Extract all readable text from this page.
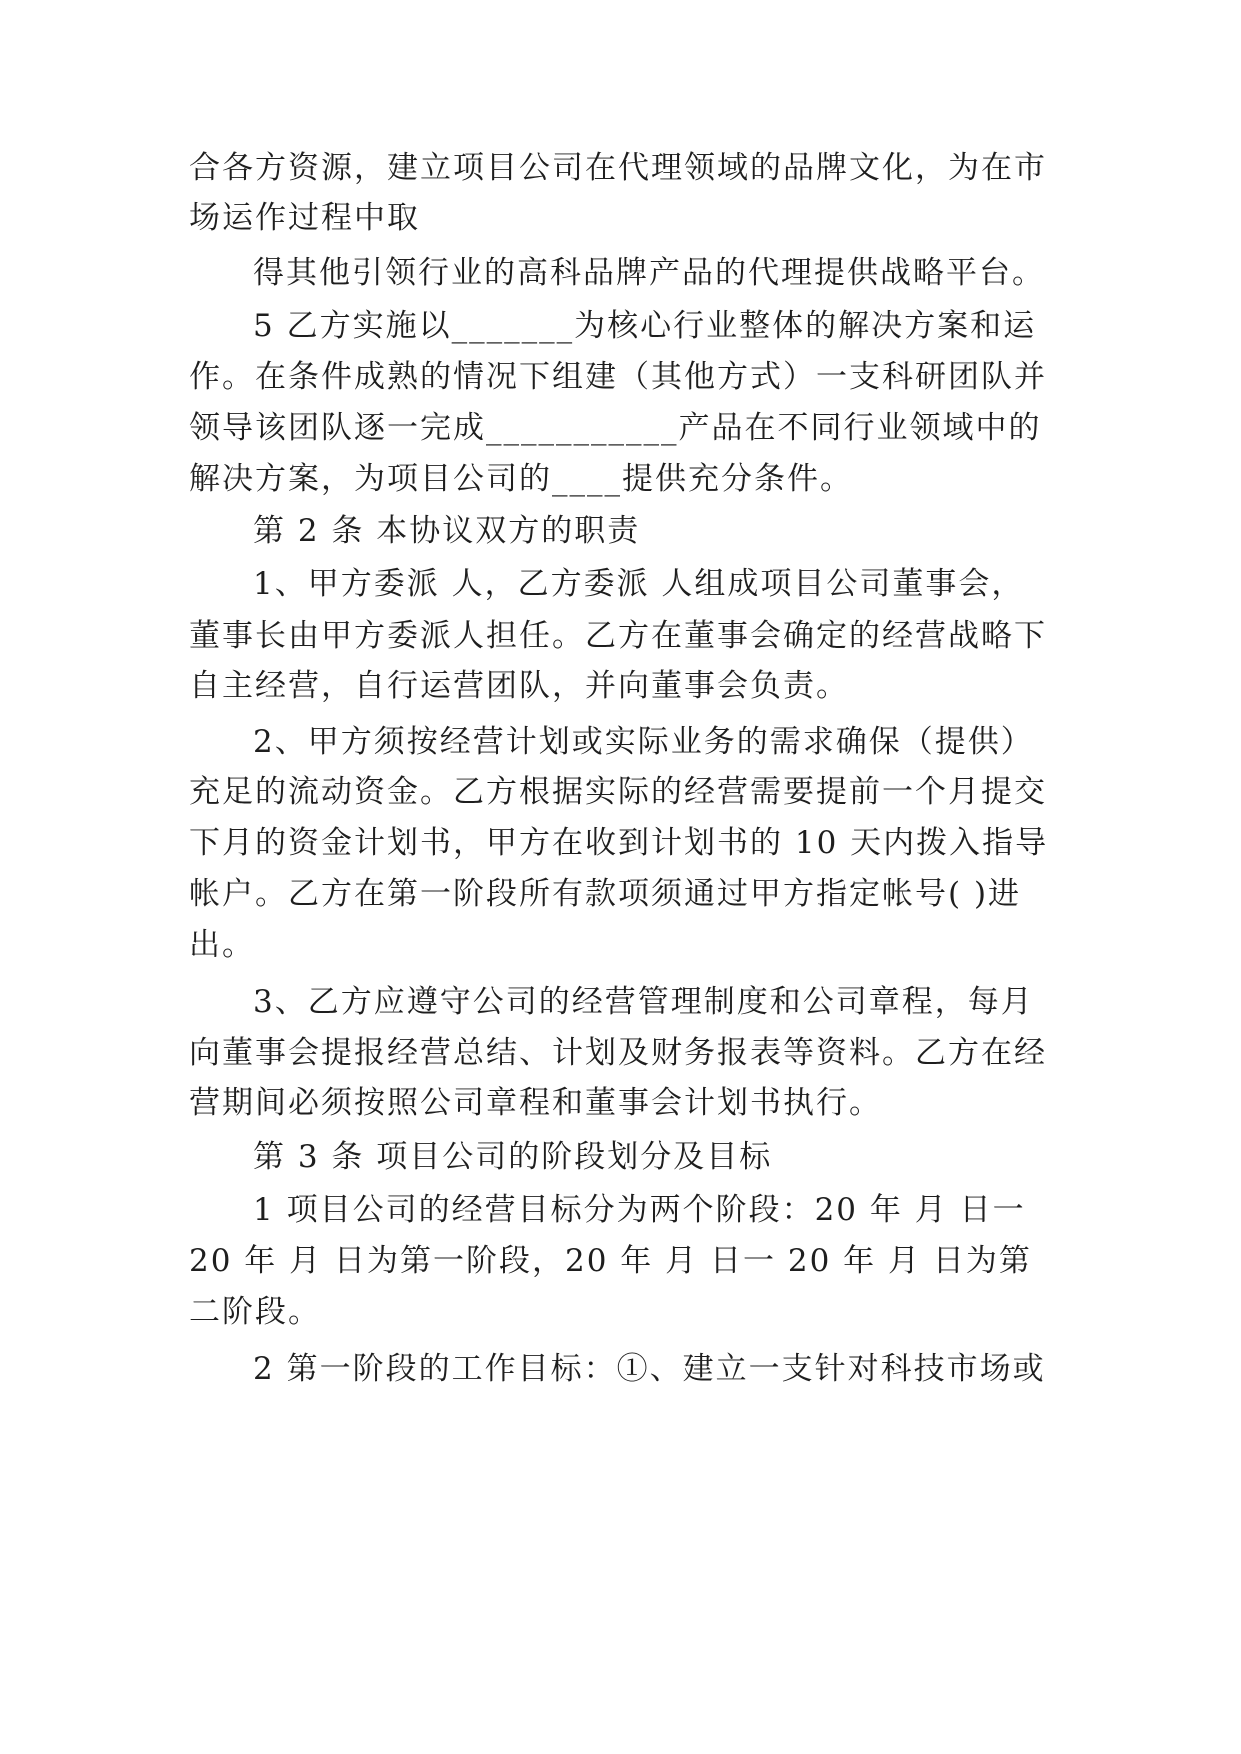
合各方资源，建立项目公司在代理领域的品牌文化，为在市
场运作过程中取
得其他引领行业的高科品牌产品的代理提供战略平台。
5 乙方实施以_______为核心行业整体的解决方案和运
作。在条件成熟的情况下组建（其他方式）一支科研团队并
领导该团队逐一完成___________产品在不同行业领域中的
解决方案，为项目公司的____提供充分条件。
第 2 条 本协议双方的职责
1、甲方委派 人，乙方委派 人组成项目公司董事会，
董事长由甲方委派人担任。乙方在董事会确定的经营战略下
自主经营，自行运营团队，并向董事会负责。
2、甲方须按经营计划或实际业务的需求确保（提供）
充足的流动资金。乙方根据实际的经营需要提前一个月提交
下月的资金计划书，甲方在收到计划书的 10 天内拨入指导
帐户。乙方在第一阶段所有款项须通过甲方指定帐号( )进
出。
3、乙方应遵守公司的经营管理制度和公司章程，每月
向董事会提报经营总结、计划及财务报表等资料。乙方在经
营期间必须按照公司章程和董事会计划书执行。
第 3 条 项目公司的阶段划分及目标
1 项目公司的经营目标分为两个阶段：20 年 月 日一
20 年 月 日为第一阶段，20 年 月 日一 20 年 月 日为第
二阶段。
2 第一阶段的工作目标：①、建立一支针对科技市场或
